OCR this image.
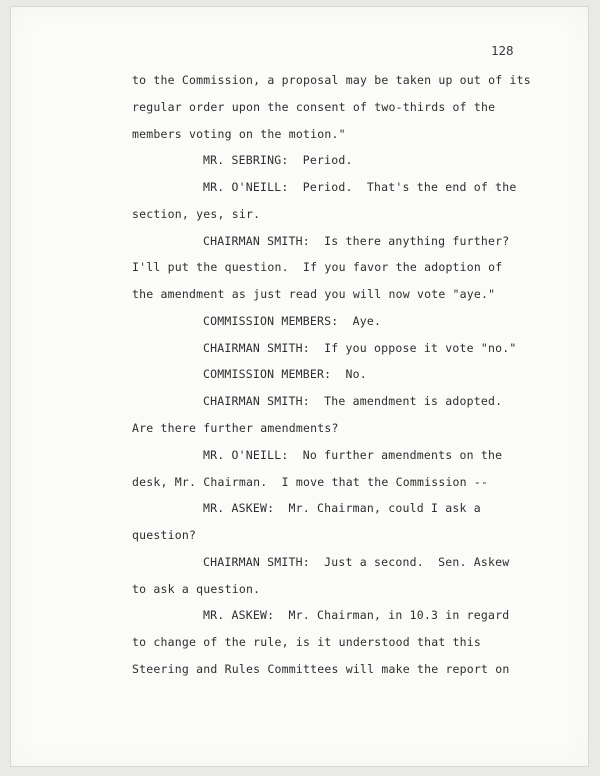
128
to the Commission, a proposal may be taken up out of its
regular order upon the consent of two-thirds of the
members voting on the motion."
MR. SEBRING:  Period.
MR. O'NEILL:  Period.  That's the end of the
section, yes, sir.
CHAIRMAN SMITH:  Is there anything further?
I'll put the question.  If you favor the adoption of
the amendment as just read you will now vote "aye."
COMMISSION MEMBERS:  Aye.
CHAIRMAN SMITH:  If you oppose it vote "no."
COMMISSION MEMBER:  No.
CHAIRMAN SMITH:  The amendment is adopted.
Are there further amendments?
MR. O'NEILL:  No further amendments on the
desk, Mr. Chairman.  I move that the Commission --
MR. ASKEW:  Mr. Chairman, could I ask a
question?
CHAIRMAN SMITH:  Just a second.  Sen. Askew
to ask a question.
MR. ASKEW:  Mr. Chairman, in 10.3 in regard
to change of the rule, is it understood that this
Steering and Rules Committees will make the report on
